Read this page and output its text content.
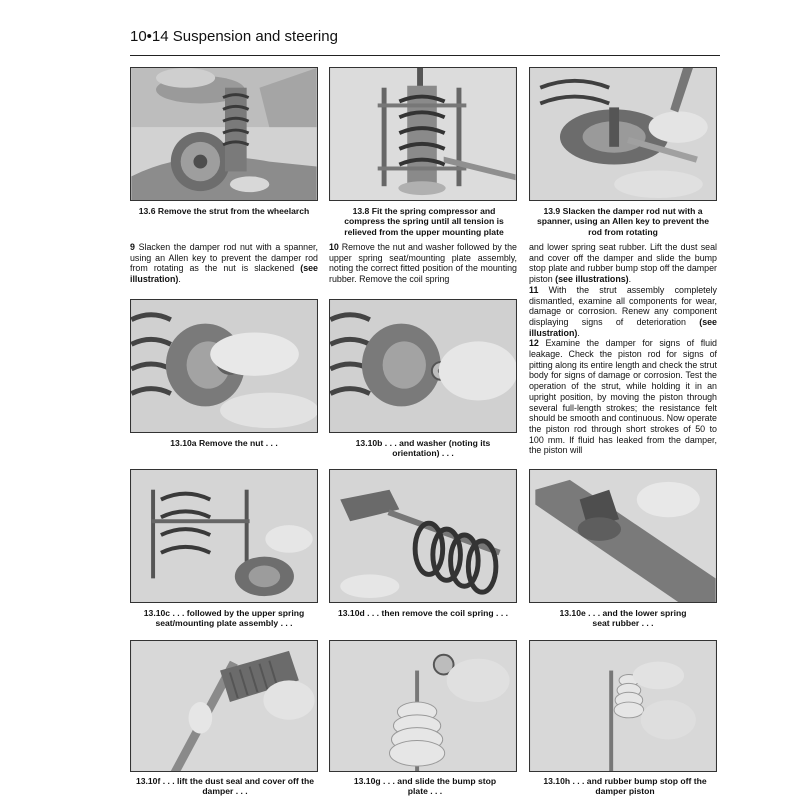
10•14 Suspension and steering
13.6 Remove the strut from the wheelarch	13.8 Fit the spring compressor and compress the spring until all tension is relieved from the upper mounting plate
13.9 Slacken the damper rod nut with a spanner, using an Allen key to prevent the rod from rotating

9 Slacken the damper rod nut with a spanner, using an Allen key to prevent the damper rod from rotating as the nut is slackened (see illustration).

10 Remove the nut and washer followed by the upper spring seat/mounting plate assembly, noting the correct fitted position of the mounting rubber. Remove the coil spring

and lower spring seat rubber. Lift the dust seal and cover off the damper and slide the bump stop plate and rubber bump stop off the damper piston (see illustrations).

11 With the strut assembly completely dismantled, examine all components for wear, damage or corrosion. Renew any component displaying signs of deterioration (see illustration).

12 Examine the damper for signs of fluid leakage. Check the piston rod for signs of pitting along its entire length and check the strut body for signs of damage or corrosion. Test the operation of the strut, while holding it in an upright position, by moving the piston through several full-length strokes; the resistance felt should be smooth and continuous. Now operate the piston rod through short strokes of 50 to 100 mm. If fluid has leaked from the damper, the piston will

13.10a Remove the nut . . .	13.10b . . . and washer (noting its orientation) . . .
13.10c . . . followed by the upper spring seat/mounting plate assembly . . .
13.10d . . . then remove the coil spring . . .	13.10e . . . and the lower spring seat rubber . . .
13.10f . . . lift the dust seal and cover off the damper . . .
13.10g . . . and slide the bump stop plate . . .
13.10h . . . and rubber bump stop off the damper piston
